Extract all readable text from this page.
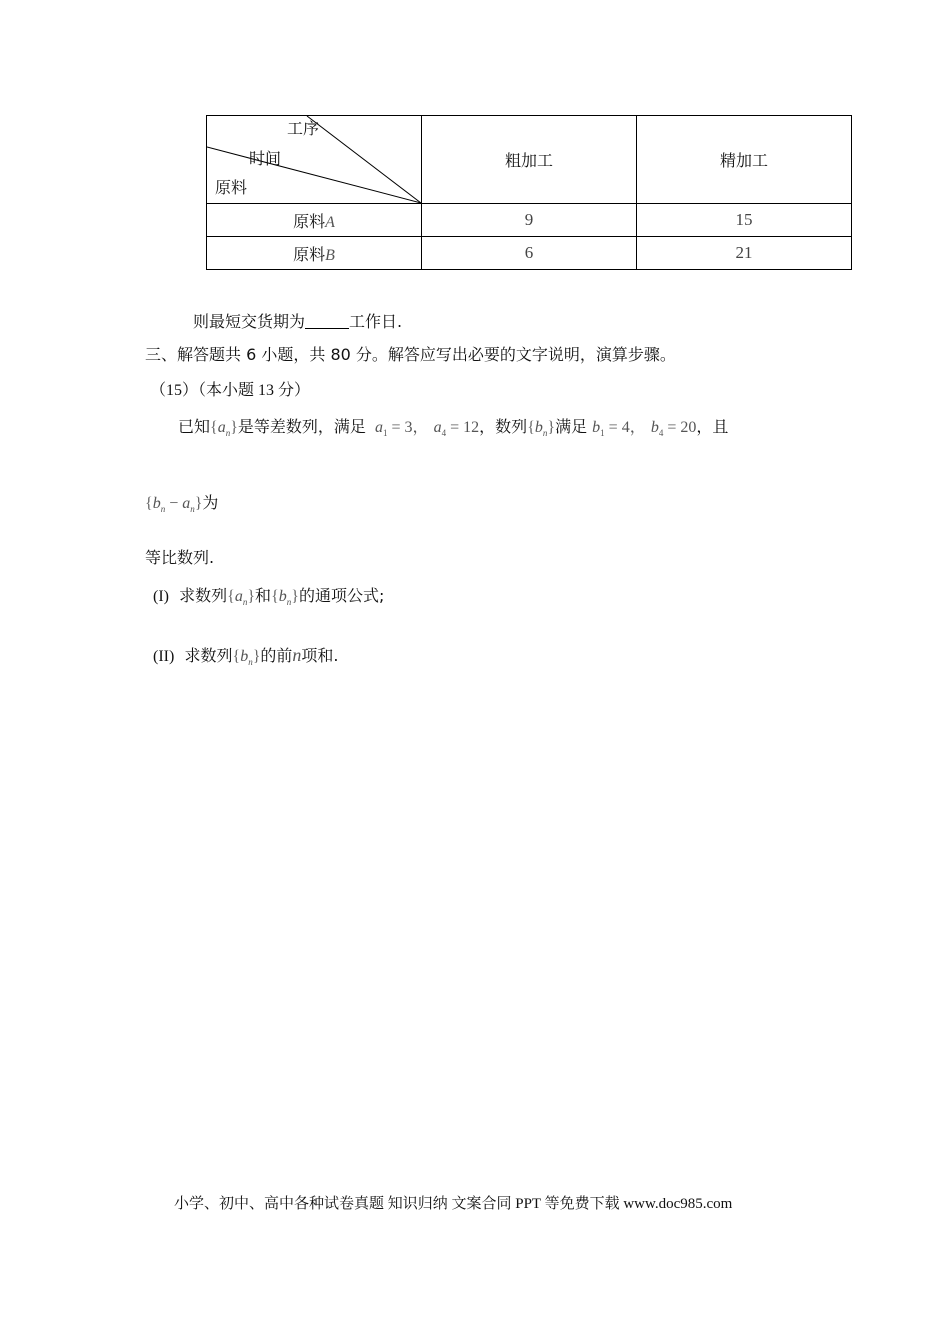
工序
时间
原料	粗加工	精加工
原料A	9	15
原料B	6	21
则最短交货期为	工作日.
三、解答题共 6 小题，共 80 分。解答应写出必要的文字说明，演算步骤。
（15）（本小题 13 分）
已知$\{a_n\}$是等差数列，满足 $a_1 = 3$， $a_4 = 12$，数列$\{b_n\}$满足 $b_1 = 4$， $b_4 = 20$，且
$\{b_n - a_n\}$为
等比数列.
(I) 求数列$\{a_n\}$和$\{b_n\}$的通项公式;
(II) 求数列$\{b_n\}$的前n项和.
小学、初中、高中各种试卷真题 知识归纳 文案合同 PPT 等免费下载 www.doc985.com
